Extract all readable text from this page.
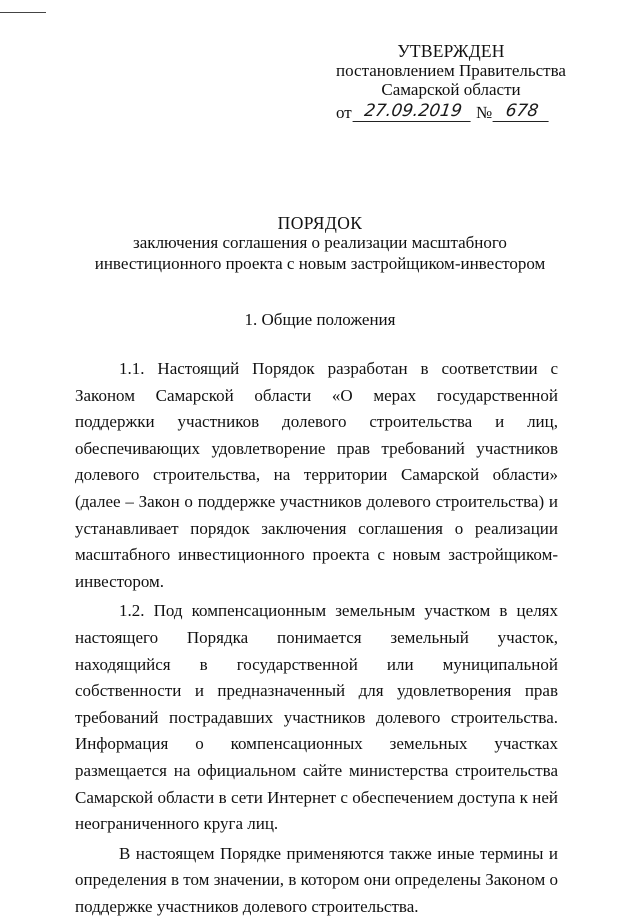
УТВЕРЖДЕН
постановлением Правительства
Самарской области
от 27.09.2019 № 678
ПОРЯДОК
заключения соглашения о реализации масштабного инвестиционного проекта с новым застройщиком-инвестором
1. Общие положения

1.1. Настоящий Порядок разработан в соответствии с Законом Самарской области «О мерах государственной поддержки участников долевого строительства и лиц, обеспечивающих удовлетворение прав требований участников долевого строительства, на территории Самарской области» (далее – Закон о поддержке участников долевого строительства) и устанавливает порядок заключения соглашения о реализации масштабного инвестиционного проекта с новым застройщиком-инвестором.

1.2. Под компенсационным земельным участком в целях настоящего Порядка понимается земельный участок, находящийся в государственной или муниципальной собственности и предназначенный для удовлетворения прав требований пострадавших участников долевого строительства. Информация о компенсационных земельных участках размещается на официальном сайте министерства строительства Самарской области в сети Интернет с обеспечением доступа к ней неограниченного круга лиц.

В настоящем Порядке применяются также иные термины и определения в том значении, в котором они определены Законом о поддержке участников долевого строительства.
